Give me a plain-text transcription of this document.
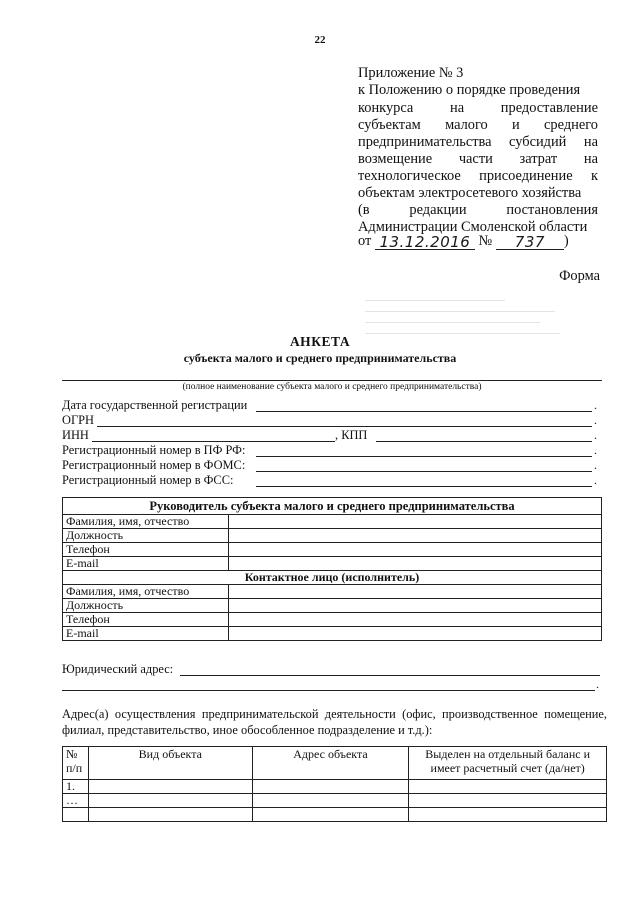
22
Приложение № 3
к Положению о порядке проведения
конкурса	на	предоставление
субъектам малого и среднего
предпринимательства субсидий на
возмещение части затрат на
технологическое присоединение к
объектам электросетевого хозяйства
(в	редакции	постановления
Администрации Смоленской области
от 13.12.2016 № 737 )
Форма
АНКЕТА
субъекта малого и среднего предпринимательства
(полное наименование субъекта малого и среднего предпринимательства)
Дата государственной регистрации	.
ОГРН	.
ИНН	, КПП	.
Регистрационный номер в ПФ РФ:	.
Регистрационный номер в ФОМС:	.
Регистрационный номер в ФСС:	.
Руководитель субъекта малого и среднего предпринимательства	
Фамилия, имя, отчество	
Должность	
Телефон	
E-mail	
Контактное лицо (исполнитель)	
Фамилия, имя, отчество	
Должность	
Телефон	
E-mail	
Юридический адрес:
.
Адрес(а) осуществления предпринимательской деятельности (офис, производственное помещение, филиал, представительство, иное обособленное подразделение и т.д.):
№ п/п	Вид объекта	Адрес объекта	Выделен на отдельный баланс и имеет расчетный счет (да/нет)
1.			
…			
